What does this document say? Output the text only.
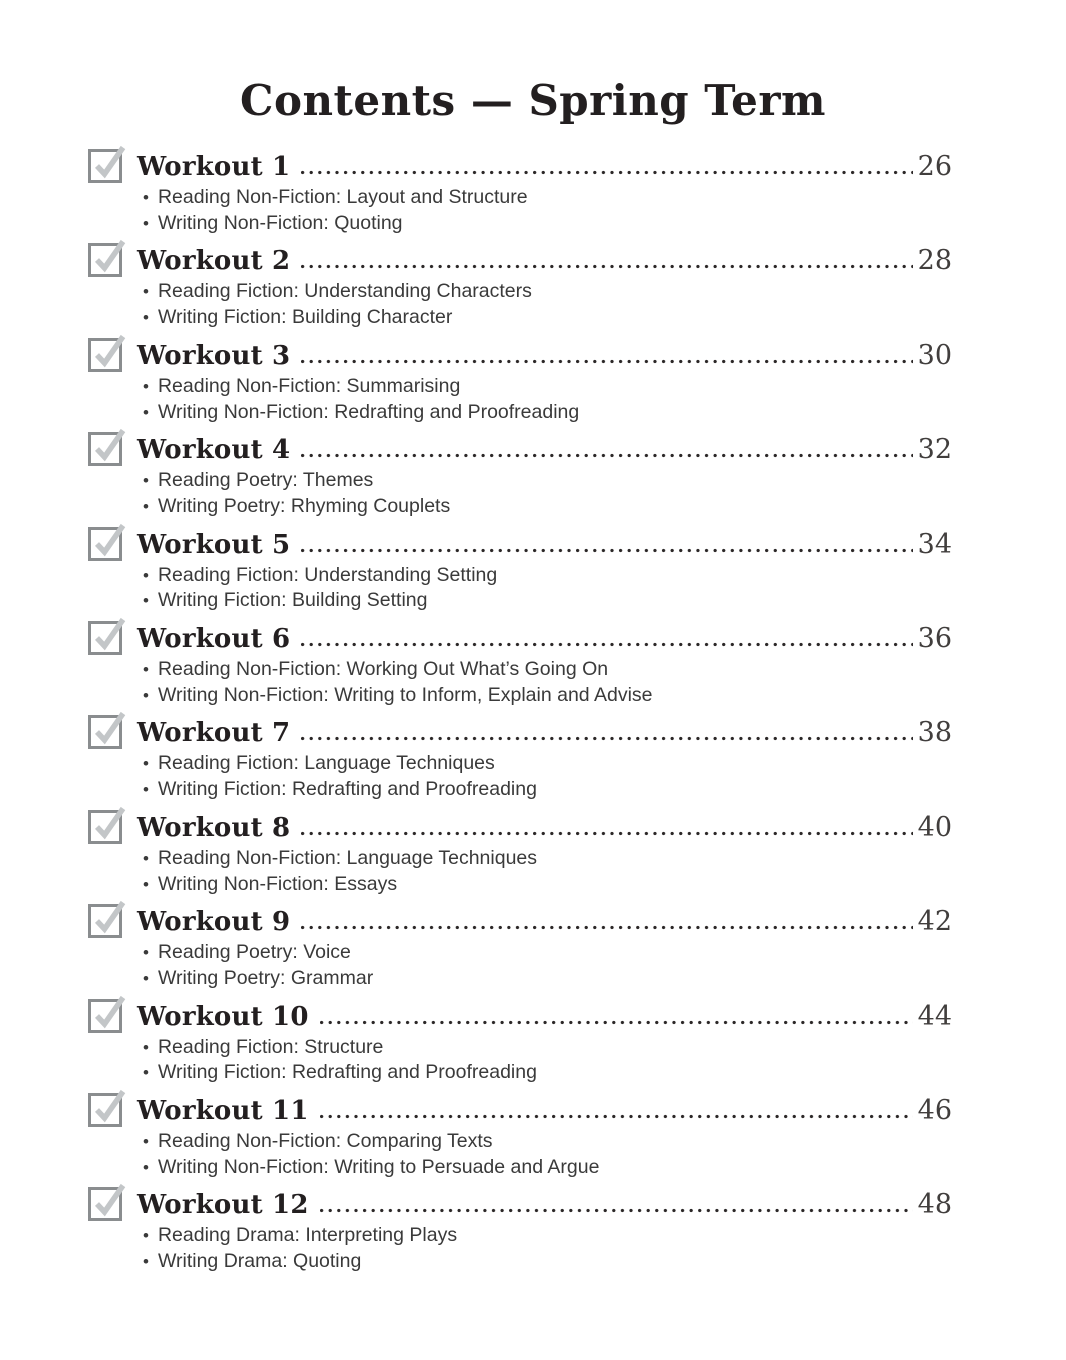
Contents — Spring Term
Workout 1	26
• Reading Non-Fiction: Layout and Structure
• Writing Non-Fiction: Quoting
Workout 2	28
• Reading Fiction: Understanding Characters
• Writing Fiction: Building Character
Workout 3	30
• Reading Non-Fiction: Summarising
• Writing Non-Fiction: Redrafting and Proofreading
Workout 4	32
• Reading Poetry: Themes
• Writing Poetry: Rhyming Couplets
Workout 5	34
• Reading Fiction: Understanding Setting
• Writing Fiction: Building Setting
Workout 6	36
• Reading Non-Fiction: Working Out What’s Going On
• Writing Non-Fiction: Writing to Inform, Explain and Advise
Workout 7	38
• Reading Fiction: Language Techniques
• Writing Fiction: Redrafting and Proofreading
Workout 8	40
• Reading Non-Fiction: Language Techniques
• Writing Non-Fiction: Essays
Workout 9	42
• Reading Poetry: Voice
• Writing Poetry: Grammar
Workout 10	44
• Reading Fiction: Structure
• Writing Fiction: Redrafting and Proofreading
Workout 11	46
• Reading Non-Fiction: Comparing Texts
• Writing Non-Fiction: Writing to Persuade and Argue
Workout 12	48
• Reading Drama: Interpreting Plays
• Writing Drama: Quoting
